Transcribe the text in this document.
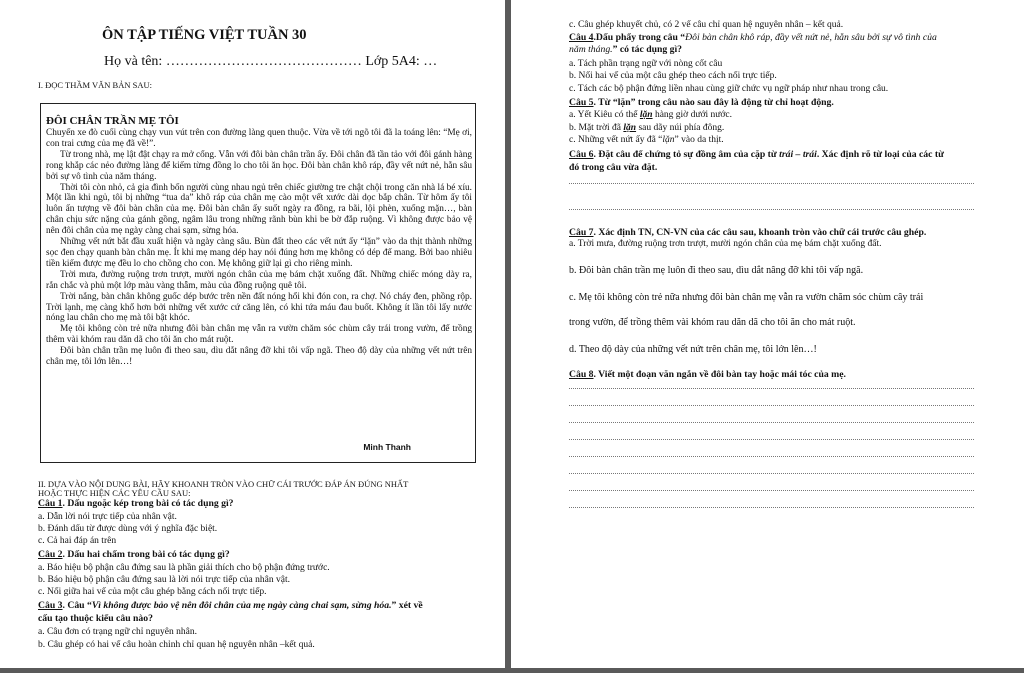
ÔN TẬP TIẾNG VIỆT TUẦN 30
Họ và tên: …………………………………… Lớp 5A4: …
I. ĐỌC THẦM VĂN BẢN SAU:
ĐÔI CHÂN TRẦN MẸ TÔI

Chuyến xe đò cuối cùng chạy vun vút trên con đường làng quen thuộc. Vừa về tới ngõ tôi đã la toáng lên: “Mẹ ơi, con trai cưng của mẹ đã về!”.

Từ trong nhà, mẹ lật đật chạy ra mở cổng. Vẫn với đôi bàn chân trần ấy. Đôi chân đã tần tảo với đôi gánh hàng rong khắp các nẻo đường làng để kiếm từng đồng lo cho tôi ăn học. Đôi bàn chân khô ráp, đầy vết nứt nẻ, hằn sâu bởi sự vô tình của năm tháng.

Thời tôi còn nhỏ, cả gia đình bốn người cùng nhau ngủ trên chiếc giường tre chật chội trong căn nhà lá bé xíu. Một lần khi ngủ, tôi bị những “tua da” khô ráp của chân mẹ cào một vết xước dài dọc bắp chân. Từ hôm ấy tôi luôn ấn tượng về đôi bàn chân của mẹ. Đôi bàn chân ấy suốt ngày ra đồng, ra bãi, lội phèn, xuống mặn…, bàn chân chịu sức nặng của gánh gồng, ngâm lâu trong những rãnh bùn khi be bờ đắp ruộng. Vì không được bảo vệ nên đôi chân của mẹ ngày càng chai sạm, sừng hóa.

Những vết nứt bắt đầu xuất hiện và ngày càng sâu. Bùn đất theo các vết nứt ấy “lặn” vào da thịt thành những sọc đen chạy quanh bàn chân mẹ. Ít khi mẹ mang dép hay nói đúng hơn mẹ không có dép để mang. Bởi bao nhiêu tiền kiếm được mẹ đều lo cho chồng cho con. Mẹ không giữ lại gì cho riêng mình.

Trời mưa, đường ruộng trơn trượt, mười ngón chân của mẹ bám chặt xuống đất. Những chiếc móng dày ra, rắn chắc và phủ một lớp màu vàng thẫm, màu của đồng ruộng quê tôi.

Trời nắng, bàn chân không guốc dép bước trên nền đất nóng hổi khi đón con, ra chợ. Nó cháy đen, phồng rộp. Trời lạnh, mẹ càng khổ hơn bởi những vết xước cứ căng lên, có khi tứa máu đau buốt. Không ít lần tôi lấy nước nóng lau chân cho mẹ mà tôi bật khóc.

Mẹ tôi không còn trẻ nữa nhưng đôi bàn chân mẹ vẫn ra vườn chăm sóc chùm cây trái trong vườn, để trồng thêm vài khóm rau dăn dã cho tôi ăn cho mát ruột.

Đôi bàn chân trần mẹ luôn đi theo sau, dìu dắt nâng đỡ khi tôi vấp ngã. Theo độ dày của những vết nứt trên chân mẹ, tôi lớn lên…!

Minh Thanh
II. DỰA VÀO NỘI DUNG BÀI, HÃY KHOANH TRÒN VÀO CHỮ CÁI TRƯỚC ĐÁP ÁN ĐÚNG NHẤT
HOẶC THỰC HIỆN CÁC YÊU CẦU SAU:
Câu 1. Dấu ngoặc kép trong bài có tác dụng gì?
a. Dẫn lời nói trực tiếp của nhân vật.
b. Đánh dấu từ được dùng với ý nghĩa đặc biệt.
c. Cả hai đáp án trên
Câu 2. Dấu hai chấm trong bài có tác dụng gì?
a. Báo hiệu bộ phận câu đứng sau là phần giải thích cho bộ phận đứng trước.
b. Báo hiệu bộ phận câu đứng sau là lời nói trực tiếp của nhân vật.
c. Nối giữa hai vế của một câu ghép bằng cách nối trực tiếp.
Câu 3. Câu “Vì không được bảo vệ nên đôi chân của mẹ ngày càng chai sạm, sừng hóa.” xét về
cấu tạo thuộc kiểu câu nào?
a. Câu đơn có trạng ngữ chỉ nguyên nhân.
b. Câu ghép có hai vế câu hoàn chỉnh chỉ quan hệ nguyên nhân –kết quả.
c. Câu ghép khuyết chủ, có 2 vế câu chỉ quan hệ nguyên nhân – kết quả.
Câu 4.Dấu phẩy trong câu “Đôi bàn chân khô ráp, đầy vết nứt nẻ, hằn sâu bởi sự vô tình của
năm tháng.” có tác dụng gì?
a. Tách phần trạng ngữ với nòng cốt câu
b. Nối hai vế của một câu ghép theo cách nối trực tiếp.
c. Tách các bộ phận đứng liền nhau cùng giữ chức vụ ngữ pháp như nhau trong câu.
Câu 5. Từ “lặn” trong câu nào sau đây là động từ chỉ hoạt động.
a. Yết Kiêu có thể lặn hàng giờ dưới nước.
b. Mặt trời đã lặn sau dãy núi phía đông.
c. Những vết nứt ấy đã “lặn” vào da thịt.
Câu 6. Đặt câu để chứng tỏ sự đồng âm của cặp từ trái – trái. Xác định rõ từ loại của các từ
đó trong câu vừa đặt.
Câu 7. Xác định TN, CN-VN của các câu sau, khoanh tròn vào chữ cái trước câu ghép.
a. Trời mưa, đường ruộng trơn trượt, mười ngón chân của mẹ bám chặt xuống đất.
b. Đôi bàn chân trần mẹ luôn đi theo sau, dìu dắt nâng đỡ khi tôi vấp ngã.
c. Mẹ tôi không còn trẻ nữa nhưng đôi bàn chân mẹ vẫn ra vườn chăm sóc chùm cây trái
trong vườn, để trồng thêm vài khóm rau dăn dã cho tôi ăn cho mát ruột.
d. Theo độ dày của những vết nứt trên chân mẹ, tôi lớn lên…!
Câu 8. Viết một đoạn văn ngắn về đôi bàn tay hoặc mái tóc của mẹ.
